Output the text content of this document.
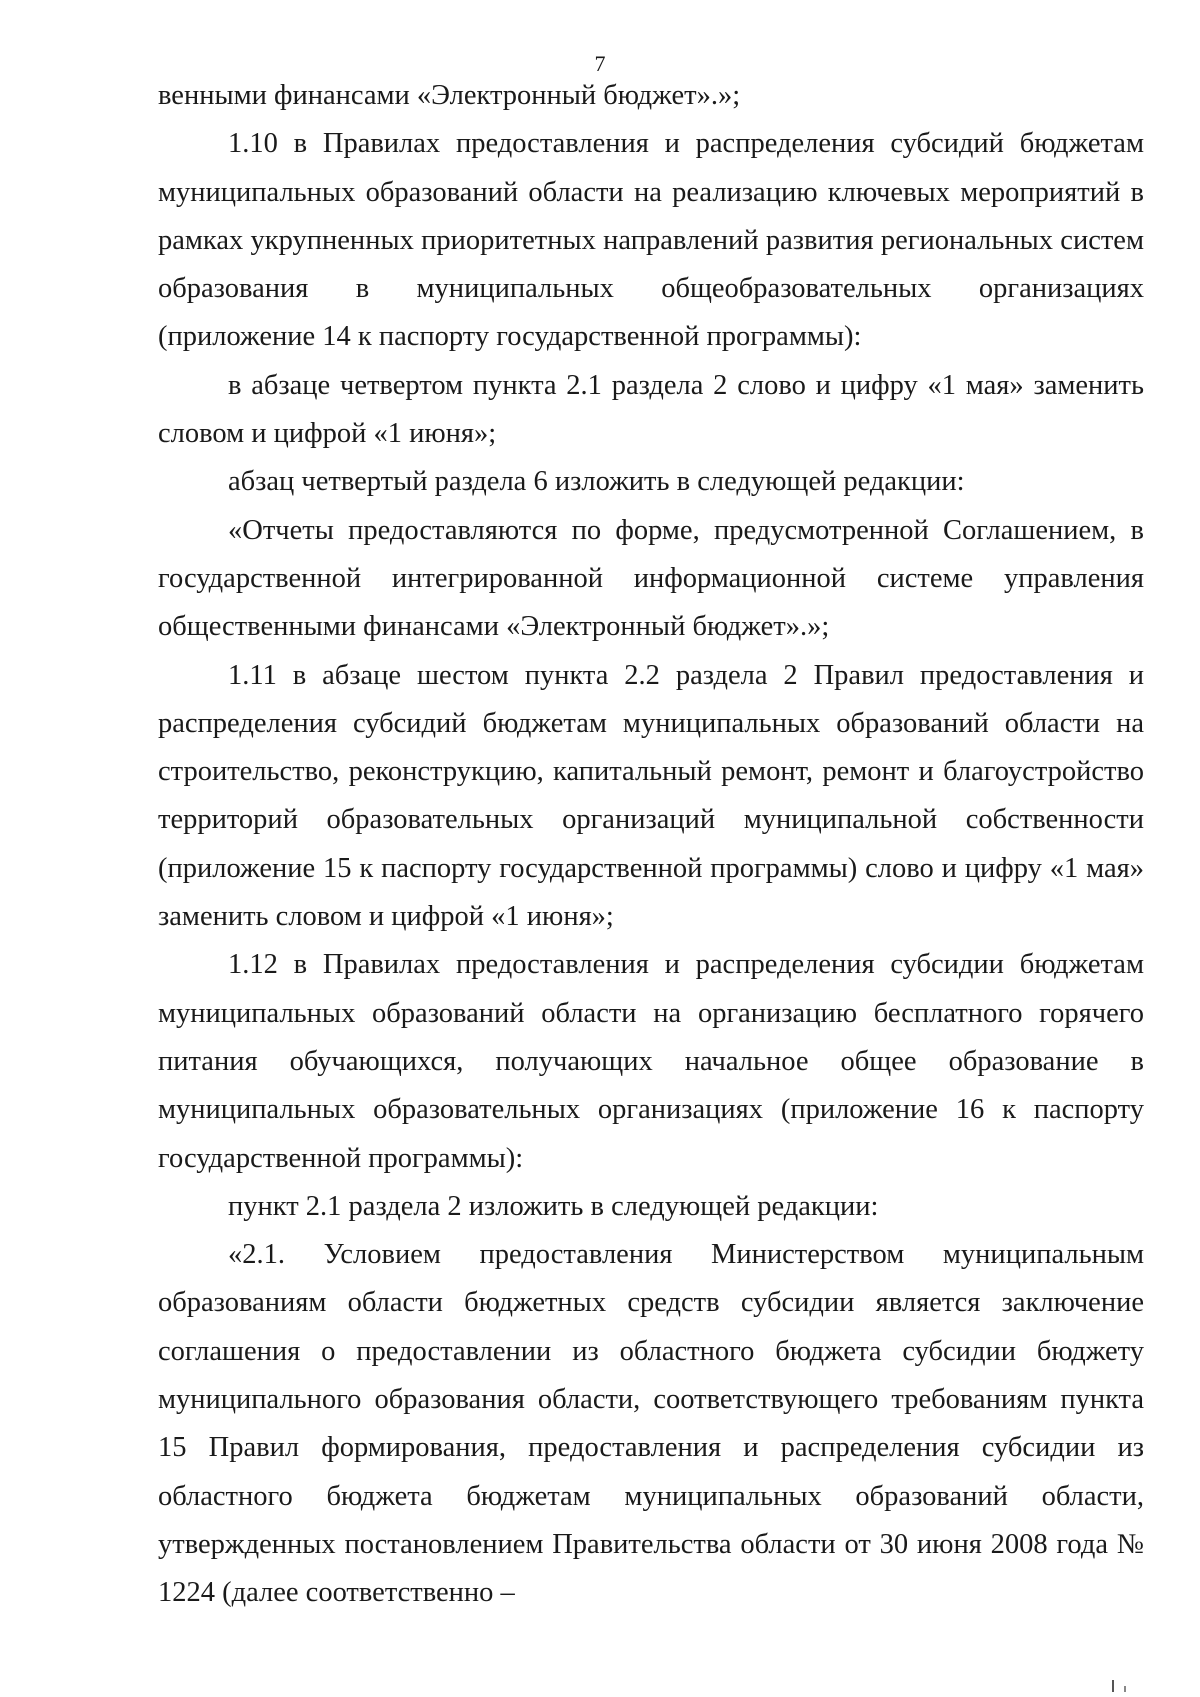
7

венными финансами «Электронный бюджет».»;

1.10 в Правилах предоставления и распределения субсидий бюджетам муниципальных образований области на реализацию ключевых мероприятий в рамках укрупненных приоритетных направлений развития региональных систем образования в муниципальных общеобразовательных организациях (приложение 14 к паспорту государственной программы):

в абзаце четвертом пункта 2.1 раздела 2 слово и цифру «1 мая» заменить словом и цифрой «1 июня»;

абзац четвертый раздела 6 изложить в следующей редакции:

«Отчеты предоставляются по форме, предусмотренной Соглашением, в государственной интегрированной информационной системе управления общественными финансами «Электронный бюджет».»;

1.11 в абзаце шестом пункта 2.2 раздела 2 Правил предоставления и распределения субсидий бюджетам муниципальных образований области на строительство, реконструкцию, капитальный ремонт, ремонт и благоустройство территорий образовательных организаций муниципальной собственности (приложение 15 к паспорту государственной программы) слово и цифру «1 мая» заменить словом и цифрой «1 июня»;

1.12 в Правилах предоставления и распределения субсидии бюджетам муниципальных образований области на организацию бесплатного горячего питания обучающихся, получающих начальное общее образование в муниципальных образовательных организациях (приложение 16 к паспорту государственной программы):

пункт 2.1 раздела 2 изложить в следующей редакции:

«2.1. Условием предоставления Министерством муниципальным образованиям области бюджетных средств субсидии является заключение соглашения о предоставлении из областного бюджета субсидии бюджету муниципального образования области, соответствующего требованиям пункта 15 Правил формирования, предоставления и распределения субсидии из областного бюджета бюджетам муниципальных образований области, утвержденных постановлением Правительства области от 30 июня 2008 года № 1224 (далее соответственно –
